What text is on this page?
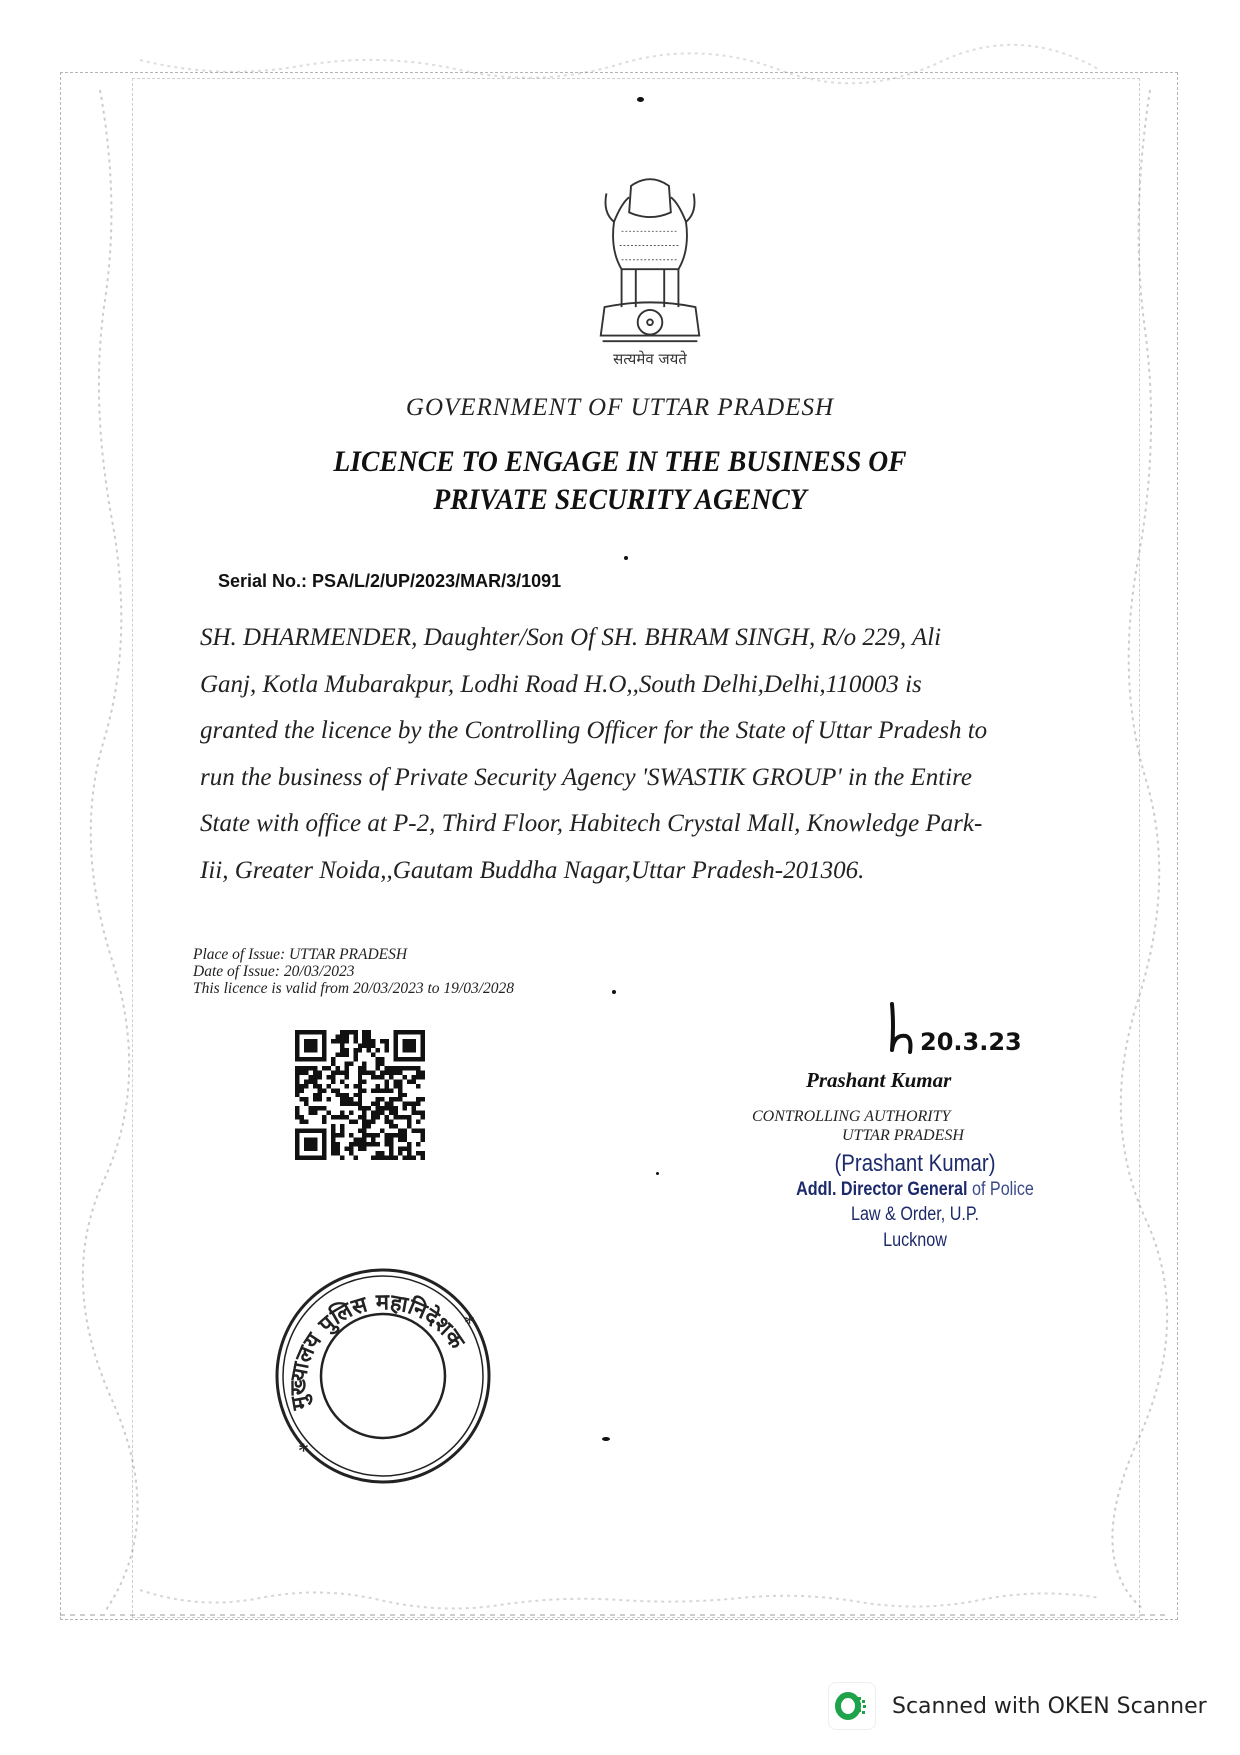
सत्यमेव जयते
GOVERNMENT OF UTTAR PRADESH
LICENCE TO ENGAGE IN THE BUSINESS OF
PRIVATE SECURITY AGENCY
Serial No.: PSA/L/2/UP/2023/MAR/3/1091
SH. DHARMENDER, Daughter/Son Of SH. BHRAM SINGH, R/o 229, Ali
Ganj, Kotla Mubarakpur, Lodhi Road H.O,,South Delhi,Delhi,110003 is
granted the licence by the Controlling Officer for the State of Uttar Pradesh to
run the business of Private Security Agency 'SWASTIK GROUP' in the Entire
State with office at P-2, Third Floor, Habitech Crystal Mall, Knowledge Park-
Iii, Greater Noida,,Gautam Buddha Nagar,Uttar Pradesh-201306.
Place of Issue: UTTAR PRADESH
Date of Issue: 20/03/2023
This licence is valid from 20/03/2023 to 19/03/2028
20.3.23
Prashant Kumar
CONTROLLING AUTHORITY
UTTAR PRADESH
(Prashant Kumar)
Addl. Director General of Police
Law & Order, U.P.
Lucknow
मुख्यालय पुलिस महानिदेशक
*
*
Scanned with OKEN Scanner
